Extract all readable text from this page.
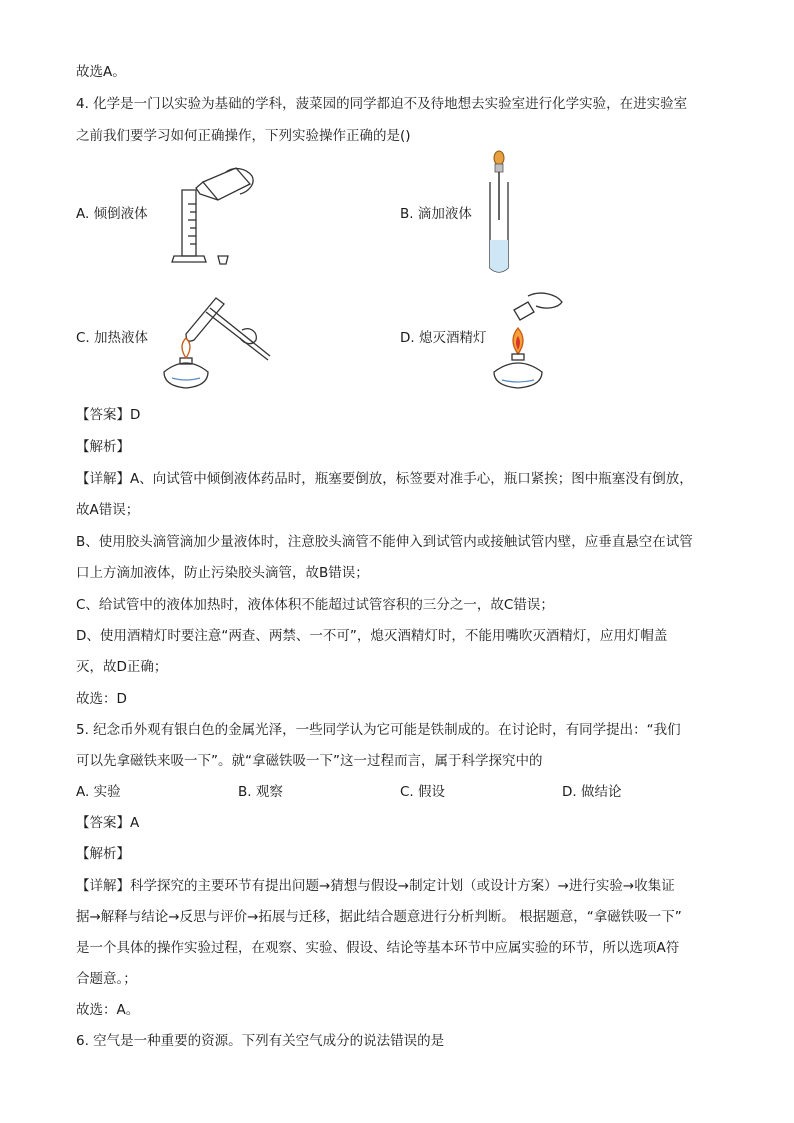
故选A。
4. 化学是一门以实验为基础的学科，菠菜园的同学都迫不及待地想去实验室进行化学实验，在进实验室
之前我们要学习如何正确操作，下列实验操作正确的是()
A. 倾倒液体	B. 滴加液体
C. 加热液体	D. 熄灭酒精灯
【答案】D
【解析】
【详解】A、向试管中倾倒液体药品时，瓶塞要倒放，标签要对准手心，瓶口紧挨；图中瓶塞没有倒放，
故A错误；
B、使用胶头滴管滴加少量液体时，注意胶头滴管不能伸入到试管内或接触试管内壁，应垂直悬空在试管
口上方滴加液体，防止污染胶头滴管，故B错误；
C、给试管中的液体加热时，液体体积不能超过试管容积的三分之一，故C错误；
D、使用酒精灯时要注意“两查、两禁、一不可”，熄灭酒精灯时，不能用嘴吹灭酒精灯，应用灯帽盖
灭，故D正确；
故选：D
5. 纪念币外观有银白色的金属光泽，一些同学认为它可能是铁制成的。在讨论时，有同学提出：“我们
可以先拿磁铁来吸一下”。就“拿磁铁吸一下”这一过程而言，属于科学探究中的
A. 实验	B. 观察	C. 假设	D. 做结论
【答案】A
【解析】
【详解】科学探究的主要环节有提出问题→猜想与假设→制定计划（或设计方案）→进行实验→收集证
据→解释与结论→反思与评价→拓展与迁移，据此结合题意进行分析判断。 根据题意，“拿磁铁吸一下”
是一个具体的操作实验过程，在观察、实验、假设、结论等基本环节中应属实验的环节，所以选项A符
合题意。；
故选：A。
6. 空气是一种重要的资源。下列有关空气成分的说法错误的是
